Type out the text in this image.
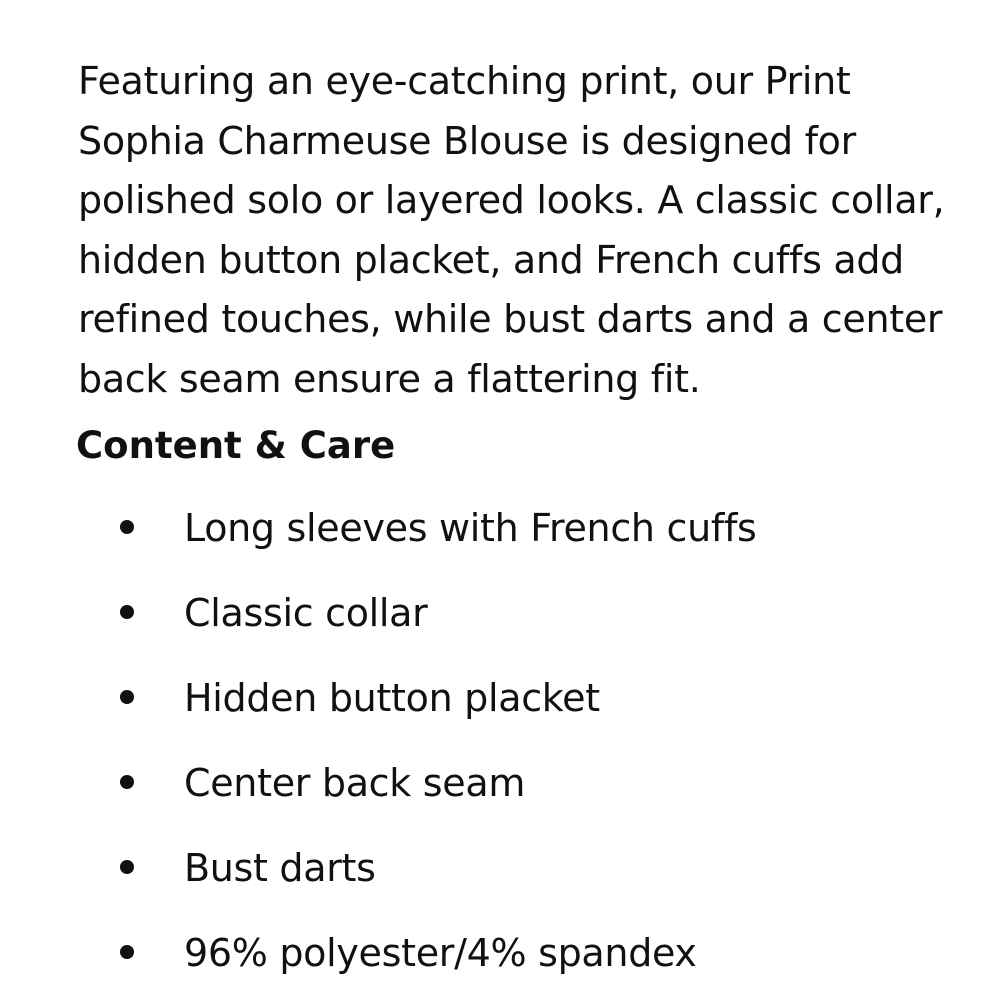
Featuring an eye-catching print, our Print Sophia Charmeuse Blouse is designed for polished solo or layered looks. A classic collar, hidden button placket, and French cuffs add refined touches, while bust darts and a center back seam ensure a flattering fit.

Content & Care
Long sleeves with French cuffs
Classic collar
Hidden button placket
Center back seam
Bust darts
96% polyester/4% spandex
